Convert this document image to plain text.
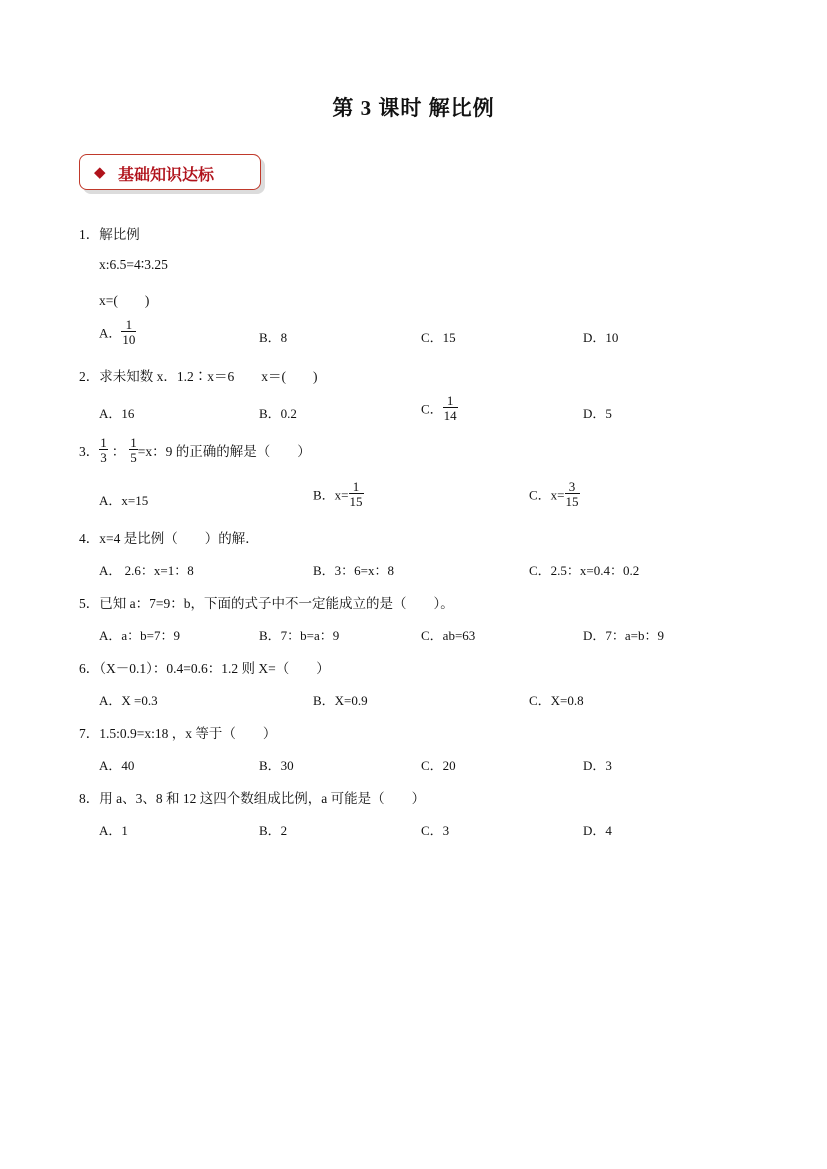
第 3 课时 解比例
◆ 基础知识达标
1．解比例
x:6.5=4∶3.25
x=(　　)
A． $\frac{1}{10}$	B．8	C．15	D．10
2．求未知数 x．1.2∶x＝6　　x＝(　　)
A．16	B．0.2	C． $\frac{1}{14}$	D．5
3． $\frac{1}{3}$ ： $\frac{1}{5} =x$：9 的正确的解是（　　）
A．x=15	B．$x= \frac{1}{15}$	C．$x= \frac{3}{15}$
4．x=4 是比例（　　）的解．
A． 2.6：x=1：8	B．3：6=x：8	C．2.5：x=0.4：0.2
5．已知 a：7=9：b，下面的式子中不一定能成立的是（　　）。
A．a：b=7：9	B．7：b=a：9	C．ab=63	D．7：a=b：9
6．（X－0.1）：0.4=0.6：1.2 则 X=（　　）
A．X =0.3	B．X=0.9	C．X=0.8
7．1.5:0.9=x:18 ，x 等于（　　）
A．40	B．30	C．20	D．3
8．用 a、3、8 和 12 这四个数组成比例，a 可能是（　　）
A．1	B．2	C．3	D．4
